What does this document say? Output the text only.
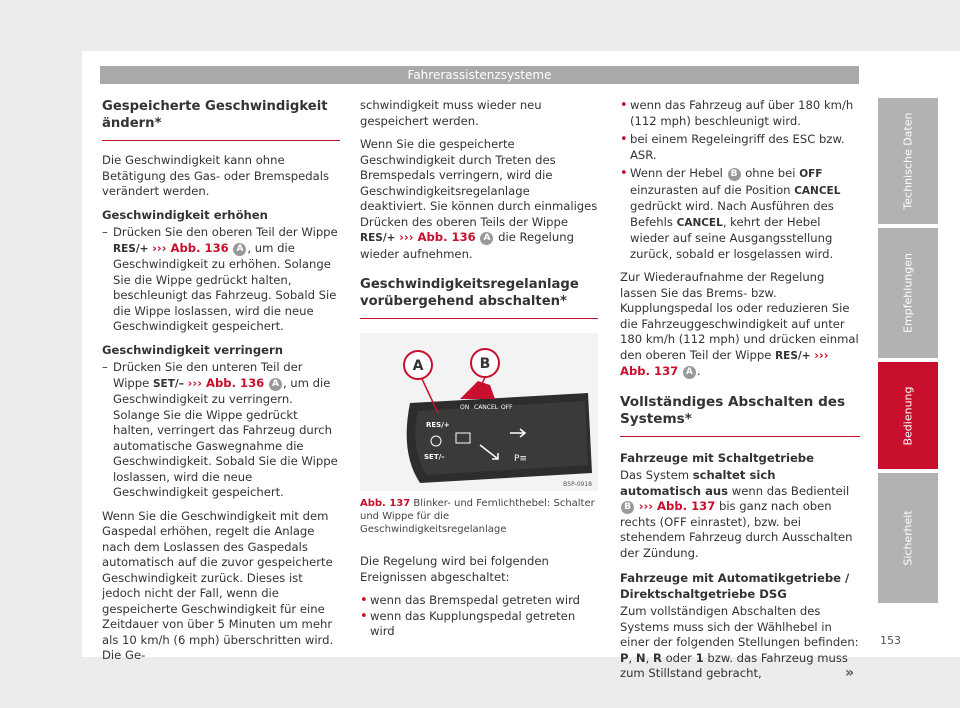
Fahrerassistenzsysteme
Gespeicherte Geschwindigkeit ändern*

Die Geschwindigkeit kann ohne Betätigung des Gas- oder Bremspedals verändert werden.

Geschwindigkeit erhöhen

– Drücken Sie den oberen Teil der Wippe RES/+ ››› Abb. 136 A , um die Geschwindigkeit zu erhöhen. Solange Sie die Wippe gedrückt halten, beschleunigt das Fahrzeug. Sobald Sie die Wippe loslassen, wird die neue Geschwindigkeit gespeichert.

Geschwindigkeit verringern

– Drücken Sie den unteren Teil der Wippe SET/– ››› Abb. 136 A , um die Geschwindigkeit zu verringern. Solange Sie die Wippe gedrückt halten, verringert das Fahrzeug durch automatische Gaswegnahme die Geschwindigkeit. Sobald Sie die Wippe loslassen, wird die neue Geschwindigkeit gespeichert.

Wenn Sie die Geschwindigkeit mit dem Gaspedal erhöhen, regelt die Anlage nach dem Loslassen des Gaspedals automatisch auf die zuvor gespeicherte Geschwindigkeit zurück. Dieses ist jedoch nicht der Fall, wenn die gespeicherte Geschwindigkeit für eine Zeitdauer von über 5 Minuten um mehr als 10 km/h (6 mph) überschritten wird. Die Ge-

schwindigkeit muss wieder neu gespeichert werden.

Wenn Sie die gespeicherte Geschwindigkeit durch Treten des Bremspedals verringern, wird die Geschwindigkeitsregelanlage deaktiviert. Sie können durch einmaliges Drücken des oberen Teils der Wippe RES/+ ››› Abb. 136 A die Regelung wieder aufnehmen.

Geschwindigkeitsregelanlage vorübergehend abschalten*
A	B
ON CANCEL OFF
RES/+
SET/–	P≡
B5P-0918
Abb. 137 Blinker- und Fernlichthebel: Schalter und Wippe für die Geschwindigkeitsregelanlage

Die Regelung wird bei folgenden Ereignissen abgeschaltet:

• wenn das Bremspedal getreten wird
• wenn das Kupplungspedal getreten wird
• wenn das Fahrzeug auf über 180 km/h (112 mph) beschleunigt wird.
• bei einem Regeleingriff des ESC bzw. ASR.
• Wenn der Hebel B ohne bei OFF einzurasten auf die Position CANCEL gedrückt wird. Nach Ausführen des Befehls CANCEL, kehrt der Hebel wieder auf seine Ausgangsstellung zurück, sobald er losgelassen wird.

Zur Wiederaufnahme der Regelung lassen Sie das Brems- bzw. Kupplungspedal los oder reduzieren Sie die Fahrzeuggeschwindigkeit auf unter 180 km/h (112 mph) und drücken einmal den oberen Teil der Wippe RES/+ ››› Abb. 137 A .

Vollständiges Abschalten des Systems*

Fahrzeuge mit Schaltgetriebe

Das System schaltet sich automatisch aus wenn das Bedienteil B ››› Abb. 137 bis ganz nach oben rechts (OFF einrastet), bzw. bei stehendem Fahrzeug durch Ausschalten der Zündung.

Fahrzeuge mit Automatikgetriebe / Direktschaltgetriebe DSG

Zum vollständigen Abschalten des Systems muss sich der Wählhebel in einer der folgenden Stellungen befinden: P, N, R oder 1 bzw. das Fahrzeug muss zum Stillstand gebracht,	»

Technische Daten
Empfehlungen
Bedienung
Sicherheit
153
